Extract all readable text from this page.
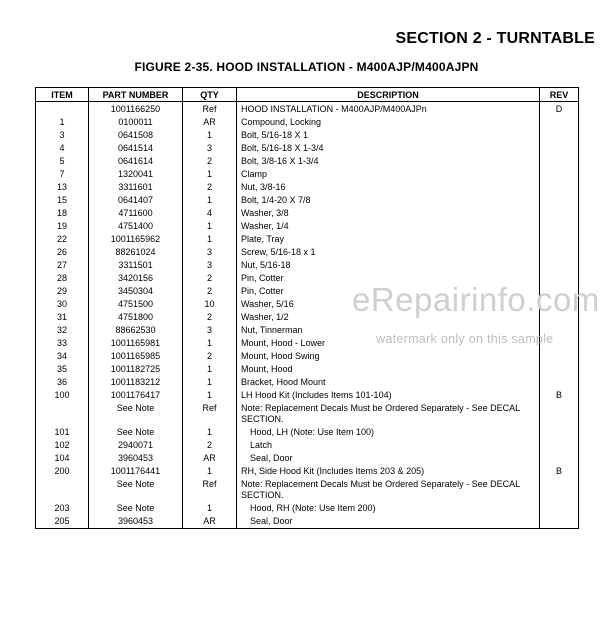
SECTION 2 - TURNTABLE
FIGURE 2-35. HOOD INSTALLATION - M400AJP/M400AJPN
ITEM	PART NUMBER	QTY	DESCRIPTION	REV
	1001166250	Ref	HOOD INSTALLATION - M400AJP/M400AJPn	D
1	0100011	AR	Compound, Locking	
3	0641508	1	Bolt, 5/16-18 X 1	
4	0641514	3	Bolt, 5/16-18 X 1-3/4	
5	0641614	2	Bolt, 3/8-16 X 1-3/4	
7	1320041	1	Clamp	
13	3311601	2	Nut, 3/8-16	
15	0641407	1	Bolt, 1/4-20 X 7/8	
18	4711600	4	Washer, 3/8	
19	4751400	1	Washer, 1/4	
22	1001165962	1	Plate, Tray	
26	88261024	3	Screw, 5/16-18 x 1	
27	3311501	3	Nut, 5/16-18	
28	3420156	2	Pin, Cotter	
29	3450304	2	Pin, Cotter	
30	4751500	10	Washer, 5/16	
31	4751800	2	Washer, 1/2	
32	88662530	3	Nut, Tinnerman	
33	1001165981	1	Mount, Hood - Lower	
34	1001165985	2	Mount, Hood Swing	
35	1001182725	1	Mount, Hood	
36	1001183212	1	Bracket, Hood Mount	
100	1001176417	1	LH Hood Kit (Includes Items 101-104)	B
	See Note	Ref	Note: Replacement Decals Must be Ordered Separately - See DECAL SECTION.	
101	See Note	1	Hood, LH (Note: Use Item 100)	
102	2940071	2	Latch	
104	3960453	AR	Seal, Door	
200	1001176441	1	RH, Side Hood Kit (Includes Items 203 & 205)	B
	See Note	Ref	Note: Replacement Decals Must be Ordered Separately - See DECAL SECTION.	
203	See Note	1	Hood, RH (Note: Use Item 200)	
205	3960453	AR	Seal, Door	
eRepairinfo.com
watermark only on this sample
